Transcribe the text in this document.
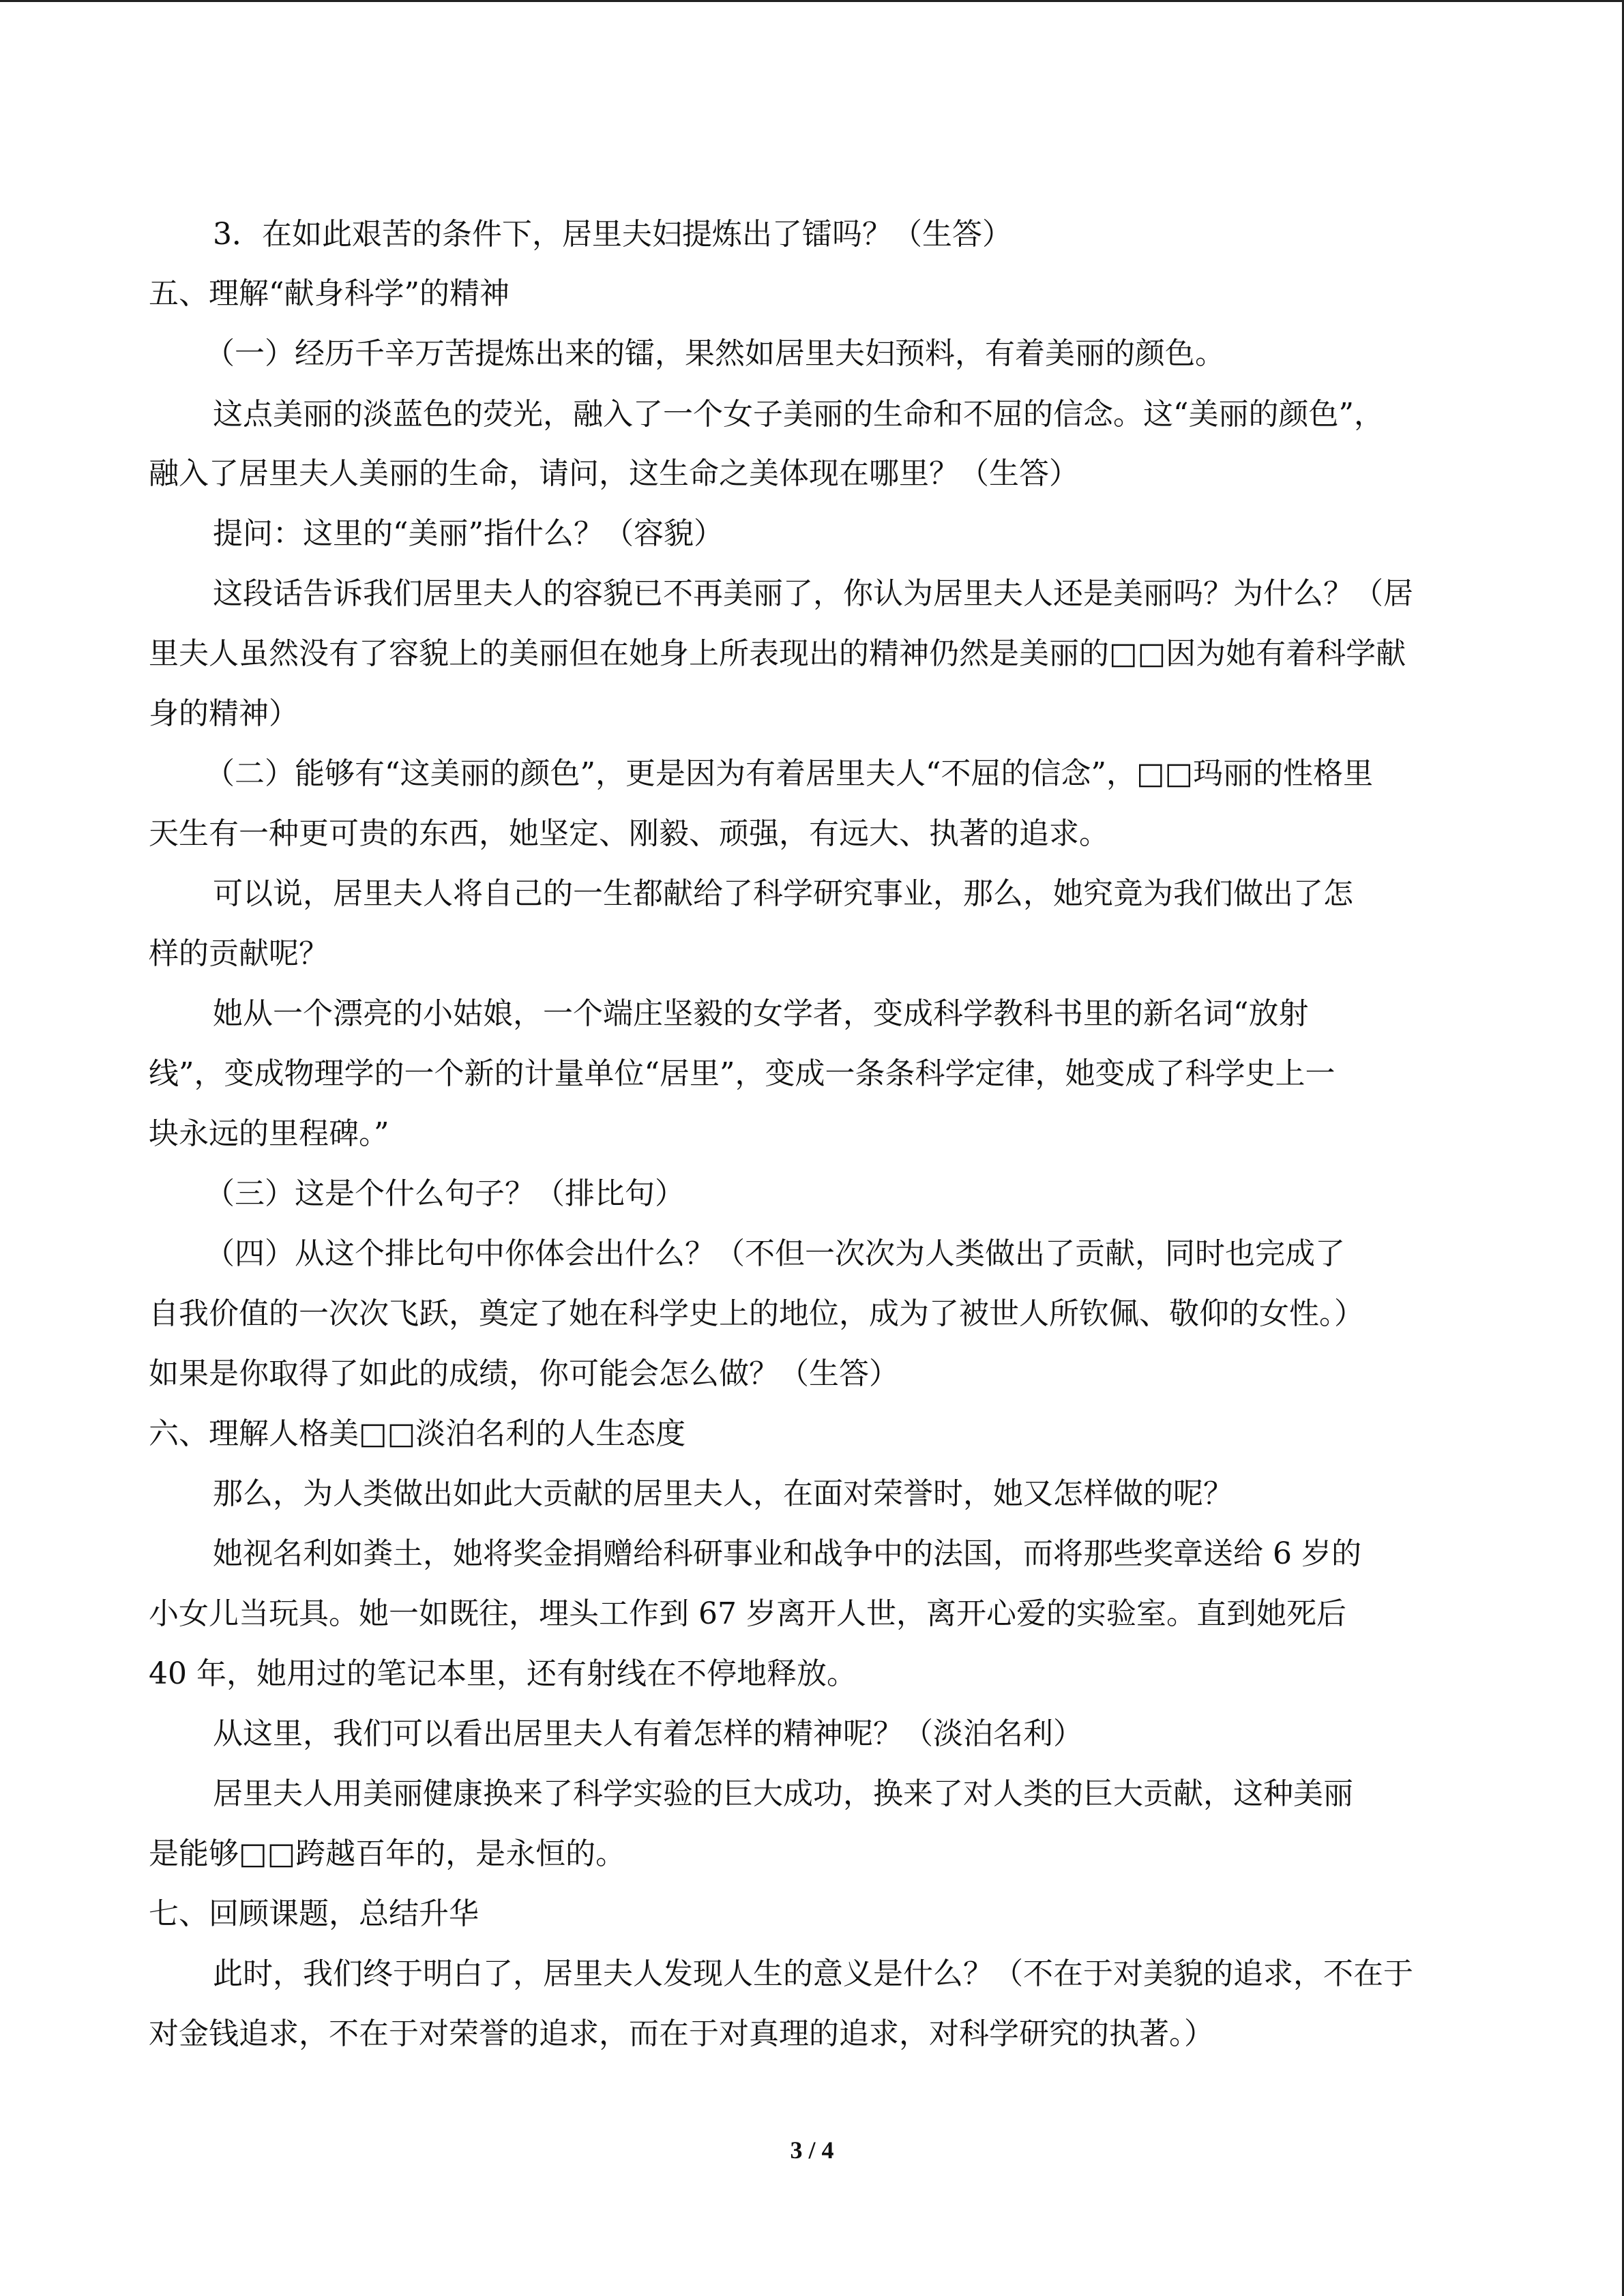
3．在如此艰苦的条件下，居里夫妇提炼出了镭吗？（生答）

五、理解“献身科学”的精神

（一）经历千辛万苦提炼出来的镭，果然如居里夫妇预料，有着美丽的颜色。

这点美丽的淡蓝色的荧光，融入了一个女子美丽的生命和不屈的信念。这“美丽的颜色”，

融入了居里夫人美丽的生命，请问，这生命之美体现在哪里？（生答）

提问：这里的“美丽”指什么？（容貌）

这段话告诉我们居里夫人的容貌已不再美丽了，你认为居里夫人还是美丽吗？为什么？（居

里夫人虽然没有了容貌上的美丽但在她身上所表现出的精神仍然是美丽的□□因为她有着科学献

身的精神）

（二）能够有“这美丽的颜色”，更是因为有着居里夫人“不屈的信念”，□□玛丽的性格里

天生有一种更可贵的东西，她坚定、刚毅、顽强，有远大、执著的追求。

可以说，居里夫人将自己的一生都献给了科学研究事业，那么，她究竟为我们做出了怎

样的贡献呢？

她从一个漂亮的小姑娘，一个端庄坚毅的女学者，变成科学教科书里的新名词“放射

线”，变成物理学的一个新的计量单位“居里”，变成一条条科学定律，她变成了科学史上一

块永远的里程碑。”

（三）这是个什么句子？（排比句）

（四）从这个排比句中你体会出什么？（不但一次次为人类做出了贡献，同时也完成了

自我价值的一次次飞跃，奠定了她在科学史上的地位，成为了被世人所钦佩、敬仰的女性。）

如果是你取得了如此的成绩，你可能会怎么做？（生答）

六、理解人格美□□淡泊名利的人生态度

那么，为人类做出如此大贡献的居里夫人，在面对荣誉时，她又怎样做的呢？

她视名利如粪土，她将奖金捐赠给科研事业和战争中的法国，而将那些奖章送给 6 岁的

小女儿当玩具。她一如既往，埋头工作到 67 岁离开人世，离开心爱的实验室。直到她死后

40 年，她用过的笔记本里，还有射线在不停地释放。

从这里，我们可以看出居里夫人有着怎样的精神呢？（淡泊名利）

居里夫人用美丽健康换来了科学实验的巨大成功，换来了对人类的巨大贡献，这种美丽

是能够□□跨越百年的，是永恒的。

七、回顾课题，总结升华

此时，我们终于明白了，居里夫人发现人生的意义是什么？（不在于对美貌的追求，不在于

对金钱追求，不在于对荣誉的追求，而在于对真理的追求，对科学研究的执著。）

3 / 4
